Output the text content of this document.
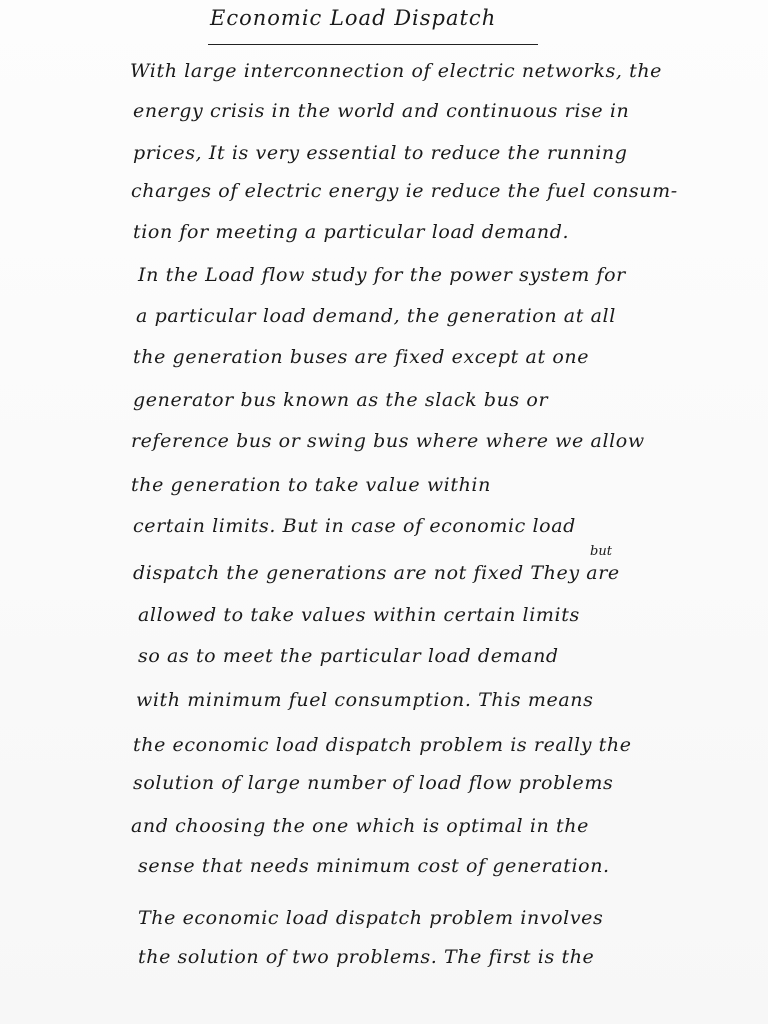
Economic Load Dispatch
With large interconnection of electric networks, the
energy crisis in the world and continuous rise in
prices, It is very essential to reduce the running
charges of electric energy ie reduce the fuel consum-
tion for meeting a particular load demand.
In the Load flow study for the power system for
a particular load demand, the generation at all
the generation buses are fixed except at one
generator bus known as the slack bus or
reference bus or swing bus where where we allow
the generation to take value within
certain limits. But in case of economic load
but
dispatch the generations are not fixed They are
allowed to take values within certain limits
so as to meet the particular load demand
with minimum fuel consumption. This means
the economic load dispatch problem is really the
solution of large number of load flow problems
and choosing the one which is optimal in the
sense that needs minimum cost of generation.
The economic load dispatch problem involves
the solution of two problems. The first is the
